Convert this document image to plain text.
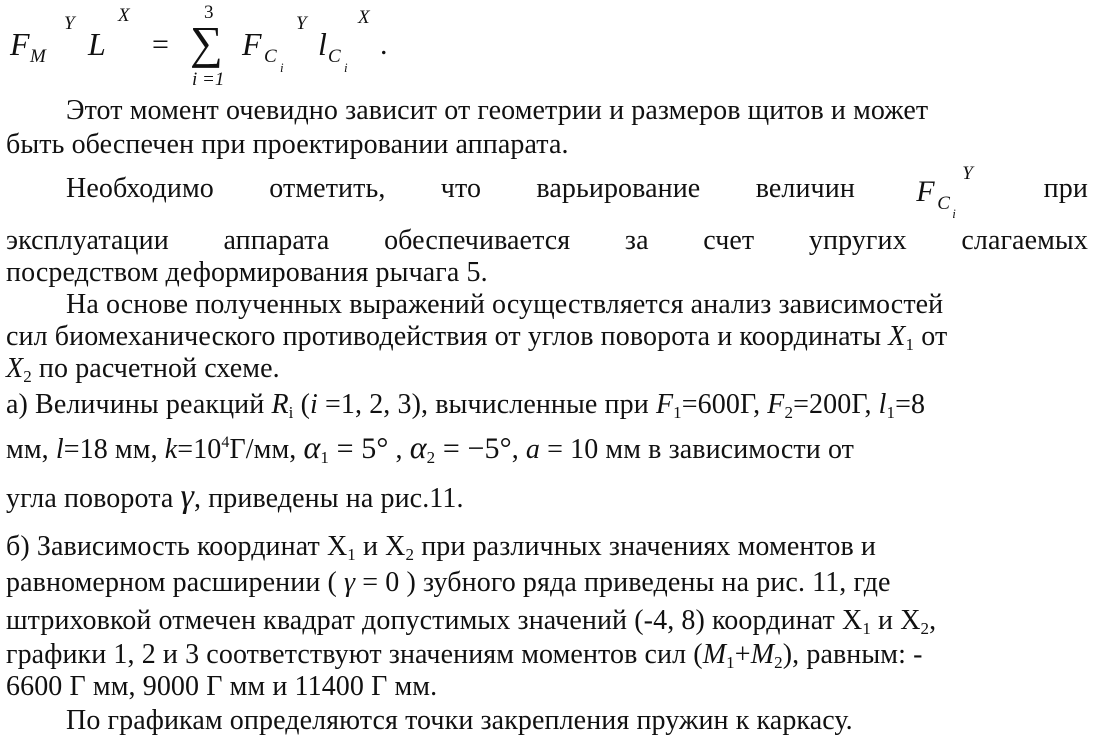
F M
Y
L
X
=
3
∑
i =1
F C
i
Y
l C
i
X
.
Этот момент очевидно зависит от геометрии и размеров щитов и может
быть обеспечен при проектировании аппарата.
Необходимо отметить, что варьирование величин F C i
Y	при
эксплуатации аппарата обеспечивается за счет упругих слагаемых
посредством деформирования рычага 5.
На основе полученных выражений осуществляется анализ зависимостей
сил биомеханического противодействия от углов поворота и координаты $X_1$ от
$X_2$ по расчетной схеме.
а) Величины реакций $R_i$ (i =1, 2, 3), вычисленные при $F_1=600Г$, $F_2=200Г$, $l_1=8$
мм, l=18 мм, $k=10^4Г/мм$, $\alpha_1 = 5^\circ$ , $\alpha_2 = -5^\circ$, a = 10 мм в зависимости от
угла поворота γ, приведены на рис.11.
б) Зависимость координат $Х_1$ и $Х_2$ при различных значениях моментов и
равномерном расширении ( γ = 0 ) зубного ряда приведены на рис. 11, где
штриховкой отмечен квадрат допустимых значений (-4, 8) координат $Х_1$ и $Х_2$,
графики 1, 2 и 3 соответствуют значениям моментов сил $(M_1+M_2)$, равным: -
6600 Г мм, 9000 Г мм и 11400 Г мм.
По графикам определяются точки закрепления пружин к каркасу.
